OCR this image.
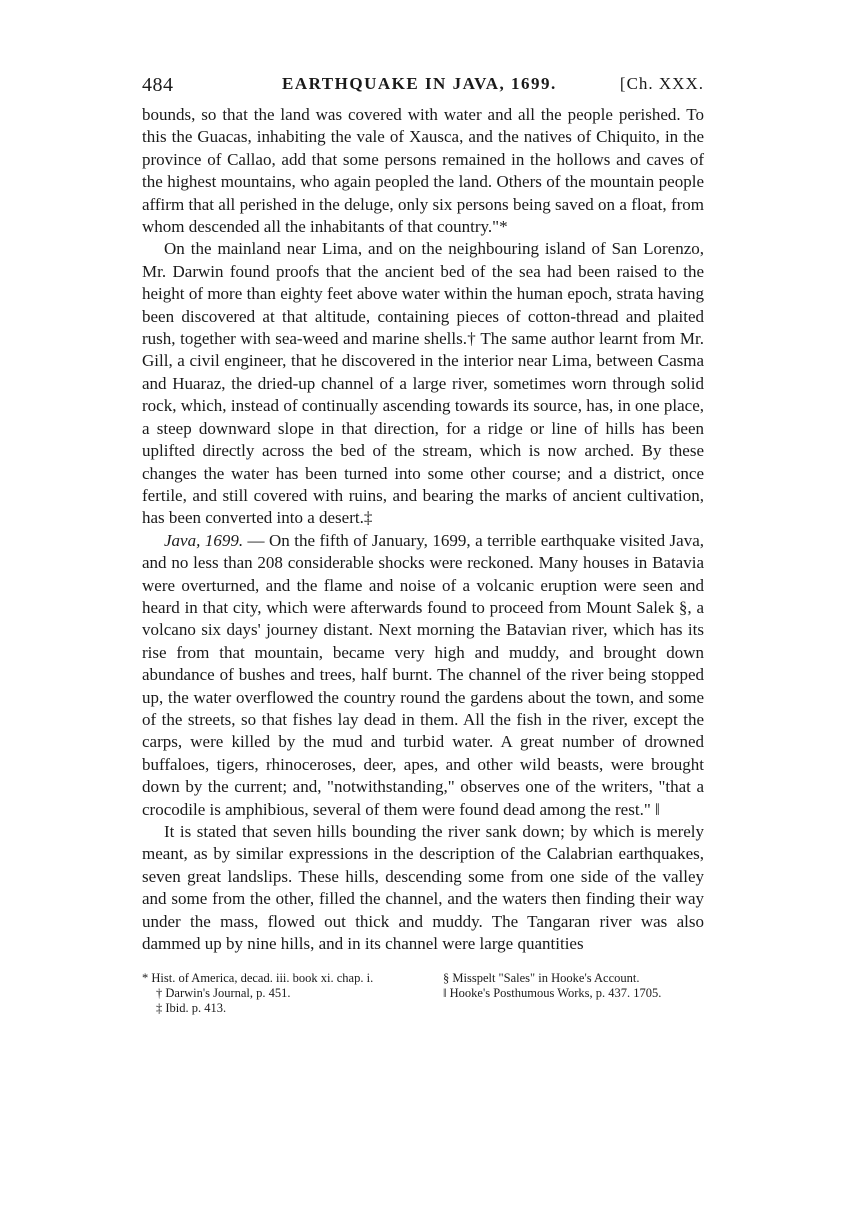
484	EARTHQUAKE IN JAVA, 1699.	[Ch. XXX.

bounds, so that the land was covered with water and all the people perished. To this the Guacas, inhabiting the vale of Xausca, and the natives of Chiquito, in the province of Callao, add that some persons remained in the hollows and caves of the highest mountains, who again peopled the land. Others of the mountain people affirm that all perished in the deluge, only six persons being saved on a float, from whom descended all the inhabitants of that country."*

On the mainland near Lima, and on the neighbouring island of San Lorenzo, Mr. Darwin found proofs that the ancient bed of the sea had been raised to the height of more than eighty feet above water within the human epoch, strata having been discovered at that altitude, containing pieces of cotton-thread and plaited rush, together with sea-weed and marine shells.† The same author learnt from Mr. Gill, a civil engineer, that he discovered in the interior near Lima, between Casma and Huaraz, the dried-up channel of a large river, sometimes worn through solid rock, which, instead of continually ascending towards its source, has, in one place, a steep downward slope in that direction, for a ridge or line of hills has been uplifted directly across the bed of the stream, which is now arched. By these changes the water has been turned into some other course; and a district, once fertile, and still covered with ruins, and bearing the marks of ancient cultivation, has been converted into a desert.‡

Java, 1699. — On the fifth of January, 1699, a terrible earthquake visited Java, and no less than 208 considerable shocks were reckoned. Many houses in Batavia were overturned, and the flame and noise of a volcanic eruption were seen and heard in that city, which were afterwards found to proceed from Mount Salek §, a volcano six days' journey distant. Next morning the Batavian river, which has its rise from that mountain, became very high and muddy, and brought down abundance of bushes and trees, half burnt. The channel of the river being stopped up, the water overflowed the country round the gardens about the town, and some of the streets, so that fishes lay dead in them. All the fish in the river, except the carps, were killed by the mud and turbid water. A great number of drowned buffaloes, tigers, rhinoceroses, deer, apes, and other wild beasts, were brought down by the current; and, "notwithstanding," observes one of the writers, "that a crocodile is amphibious, several of them were found dead among the rest." ‖

It is stated that seven hills bounding the river sank down; by which is merely meant, as by similar expressions in the description of the Calabrian earthquakes, seven great landslips. These hills, descending some from one side of the valley and some from the other, filled the channel, and the waters then finding their way under the mass, flowed out thick and muddy. The Tangaran river was also dammed up by nine hills, and in its channel were large quantities

* Hist. of America, decad. iii. book xi. chap. i.

† Darwin's Journal, p. 451.

‡ Ibid. p. 413.

§ Misspelt "Sales" in Hooke's Account.

‖ Hooke's Posthumous Works, p. 437. 1705.
